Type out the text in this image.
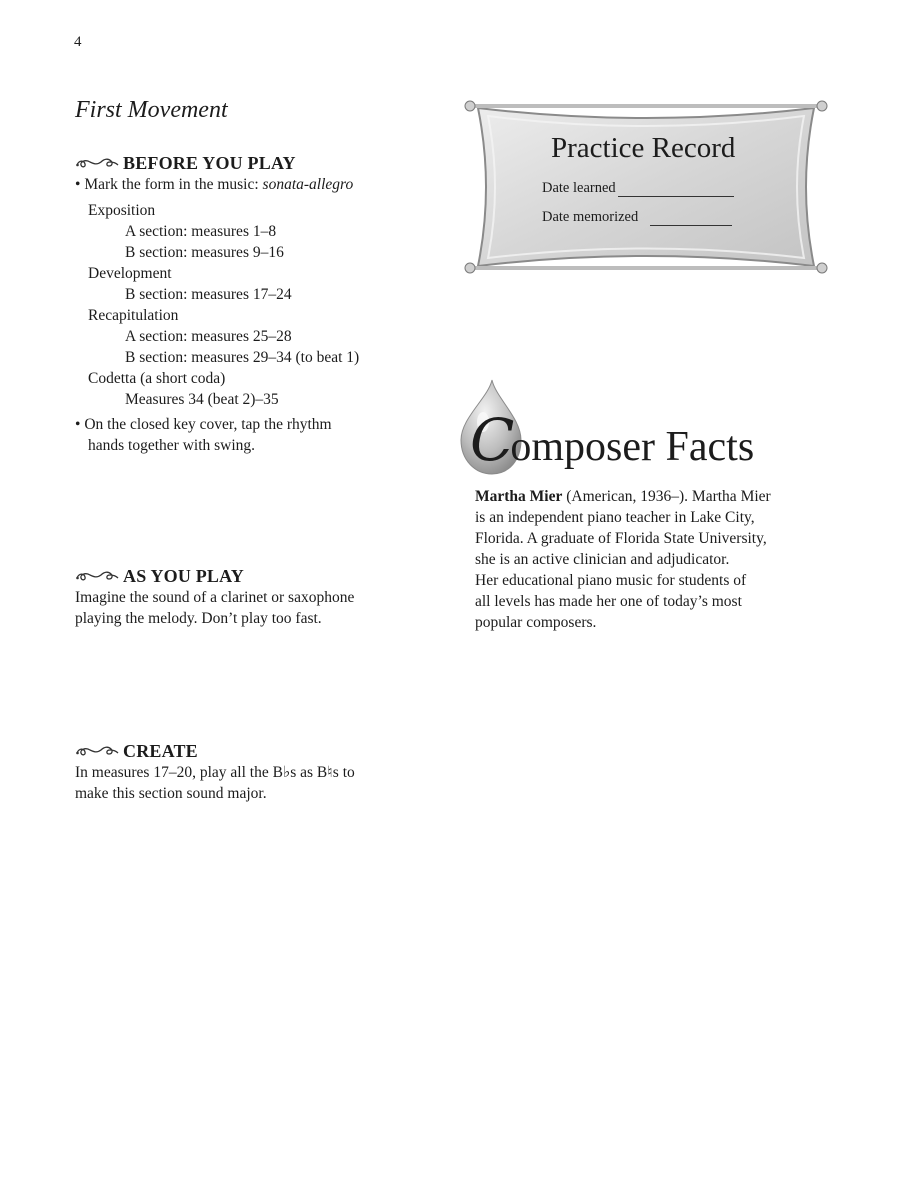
4
First Movement
BEFORE YOU PLAY
• Mark the form in the music: sonata-allegro
Exposition
A section: measures 1–8
B section: measures 9–16
Development
B section: measures 17–24
Recapitulation
A section: measures 25–28
B section: measures 29–34 (to beat 1)
Codetta (a short coda)
Measures 34 (beat 2)–35
• On the closed key cover, tap the rhythm
hands together with swing.
AS YOU PLAY
Imagine the sound of a clarinet or saxophone
playing the melody. Don’t play too fast.
CREATE
In measures 17–20, play all the B♭s as B♮s to
make this section sound major.
Practice Record
Date learned
Date memorized
C
omposer Facts
Martha Mier (American, 1936–). Martha Mier
is an independent piano teacher in Lake City,
Florida. A graduate of Florida State University,
she is an active clinician and adjudicator.
Her educational piano music for students of
all levels has made her one of today’s most
popular composers.
